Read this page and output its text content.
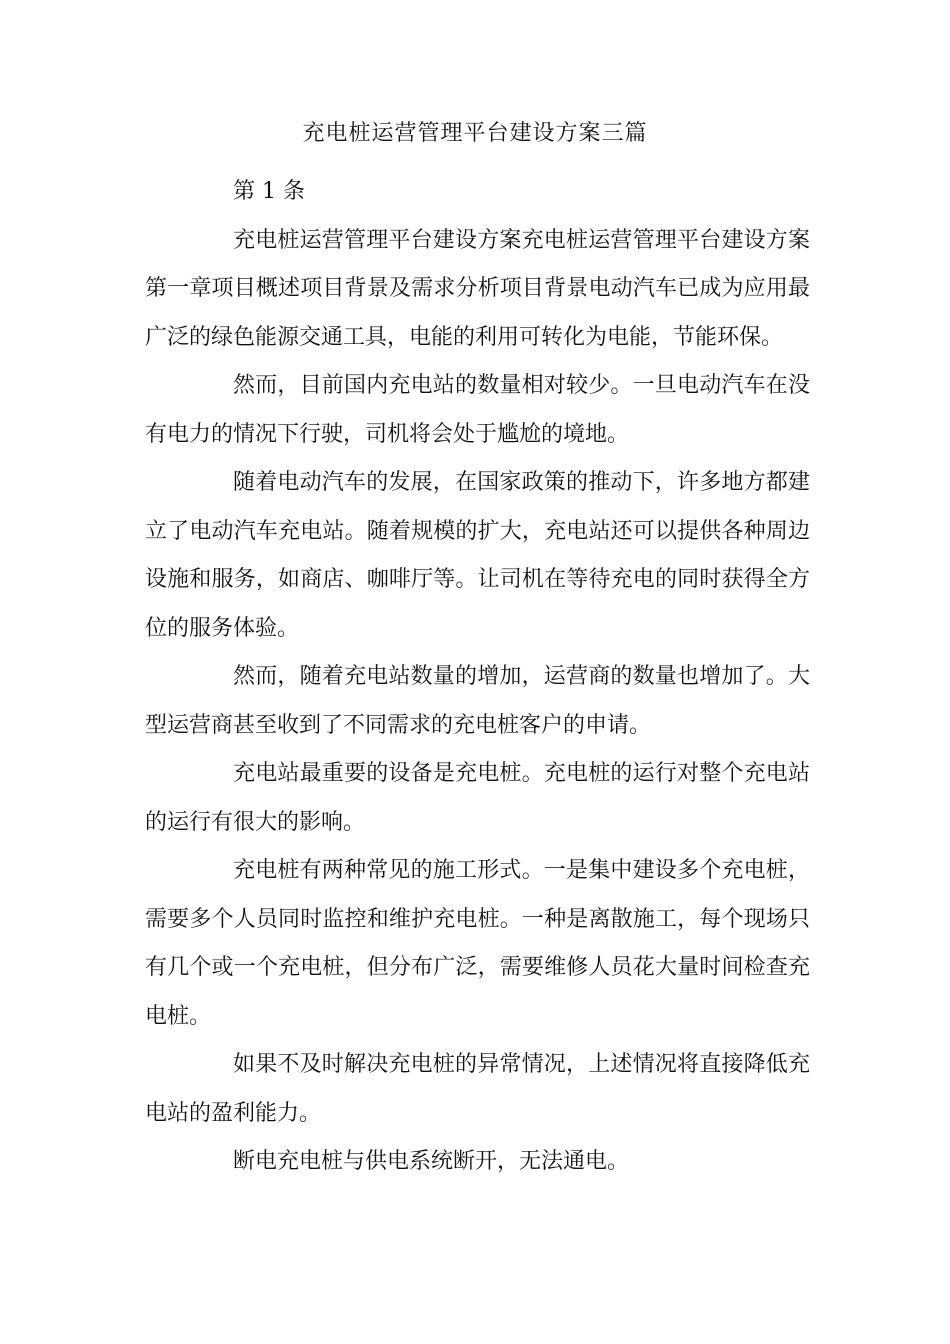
充电桩运营管理平台建设方案三篇

第 1 条

充电桩运营管理平台建设方案充电桩运营管理平台建设方案第一章项目概述项目背景及需求分析项目背景电动汽车已成为应用最广泛的绿色能源交通工具，电能的利用可转化为电能，节能环保。

然而，目前国内充电站的数量相对较少。一旦电动汽车在没有电力的情况下行驶，司机将会处于尴尬的境地。

随着电动汽车的发展，在国家政策的推动下，许多地方都建立了电动汽车充电站。随着规模的扩大，充电站还可以提供各种周边设施和服务，如商店、咖啡厅等。让司机在等待充电的同时获得全方位的服务体验。

然而，随着充电站数量的增加，运营商的数量也增加了。大型运营商甚至收到了不同需求的充电桩客户的申请。

充电站最重要的设备是充电桩。充电桩的运行对整个充电站的运行有很大的影响。

充电桩有两种常见的施工形式。一是集中建设多个充电桩，需要多个人员同时监控和维护充电桩。一种是离散施工，每个现场只有几个或一个充电桩，但分布广泛，需要维修人员花大量时间检查充电桩。

如果不及时解决充电桩的异常情况，上述情况将直接降低充电站的盈利能力。

断电充电桩与供电系统断开，无法通电。
